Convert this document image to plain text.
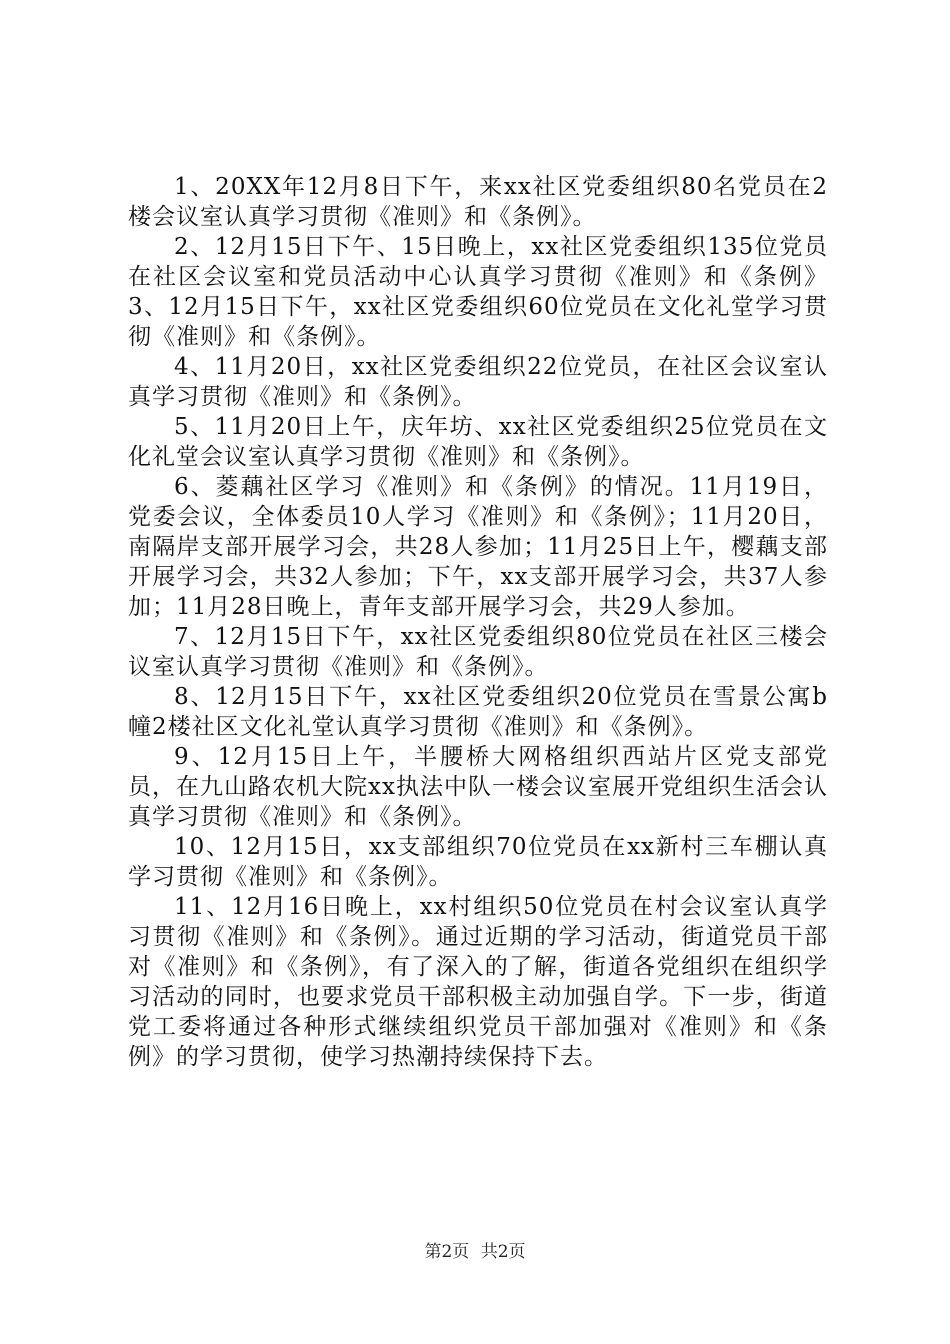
1、20XX年12月8日下午，来xx社区党委组织80名党员在2楼会议室认真学习贯彻《准则》和《条例》。

2、12月15日下午、15日晚上，xx社区党委组织135位党员在社区会议室和党员活动中心认真学习贯彻《准则》和《条例》3、12月15日下午，xx社区党委组织60位党员在文化礼堂学习贯彻《准则》和《条例》。

4、11月20日，xx社区党委组织22位党员，在社区会议室认真学习贯彻《准则》和《条例》。

5、11月20日上午，庆年坊、xx社区党委组织25位党员在文化礼堂会议室认真学习贯彻《准则》和《条例》。

6、菱藕社区学习《准则》和《条例》的情况。11月19日，党委会议，全体委员10人学习《准则》和《条例》；11月20日，南隔岸支部开展学习会，共28人参加；11月25日上午，樱藕支部开展学习会，共32人参加；下午，xx支部开展学习会，共37人参加；11月28日晚上，青年支部开展学习会，共29人参加。

7、12月15日下午，xx社区党委组织80位党员在社区三楼会议室认真学习贯彻《准则》和《条例》。

8、12月15日下午，xx社区党委组织20位党员在雪景公寓b幢2楼社区文化礼堂认真学习贯彻《准则》和《条例》。

9、12月15日上午，半腰桥大网格组织西站片区党支部党员，在九山路农机大院xx执法中队一楼会议室展开党组织生活会认真学习贯彻《准则》和《条例》。

10、12月15日，xx支部组织70位党员在xx新村三车棚认真学习贯彻《准则》和《条例》。

11、12月16日晚上，xx村组织50位党员在村会议室认真学习贯彻《准则》和《条例》。通过近期的学习活动，街道党员干部对《准则》和《条例》，有了深入的了解，街道各党组织在组织学习活动的同时，也要求党员干部积极主动加强自学。下一步，街道党工委将通过各种形式继续组织党员干部加强对《准则》和《条例》的学习贯彻，使学习热潮持续保持下去。

第2页 共2页
